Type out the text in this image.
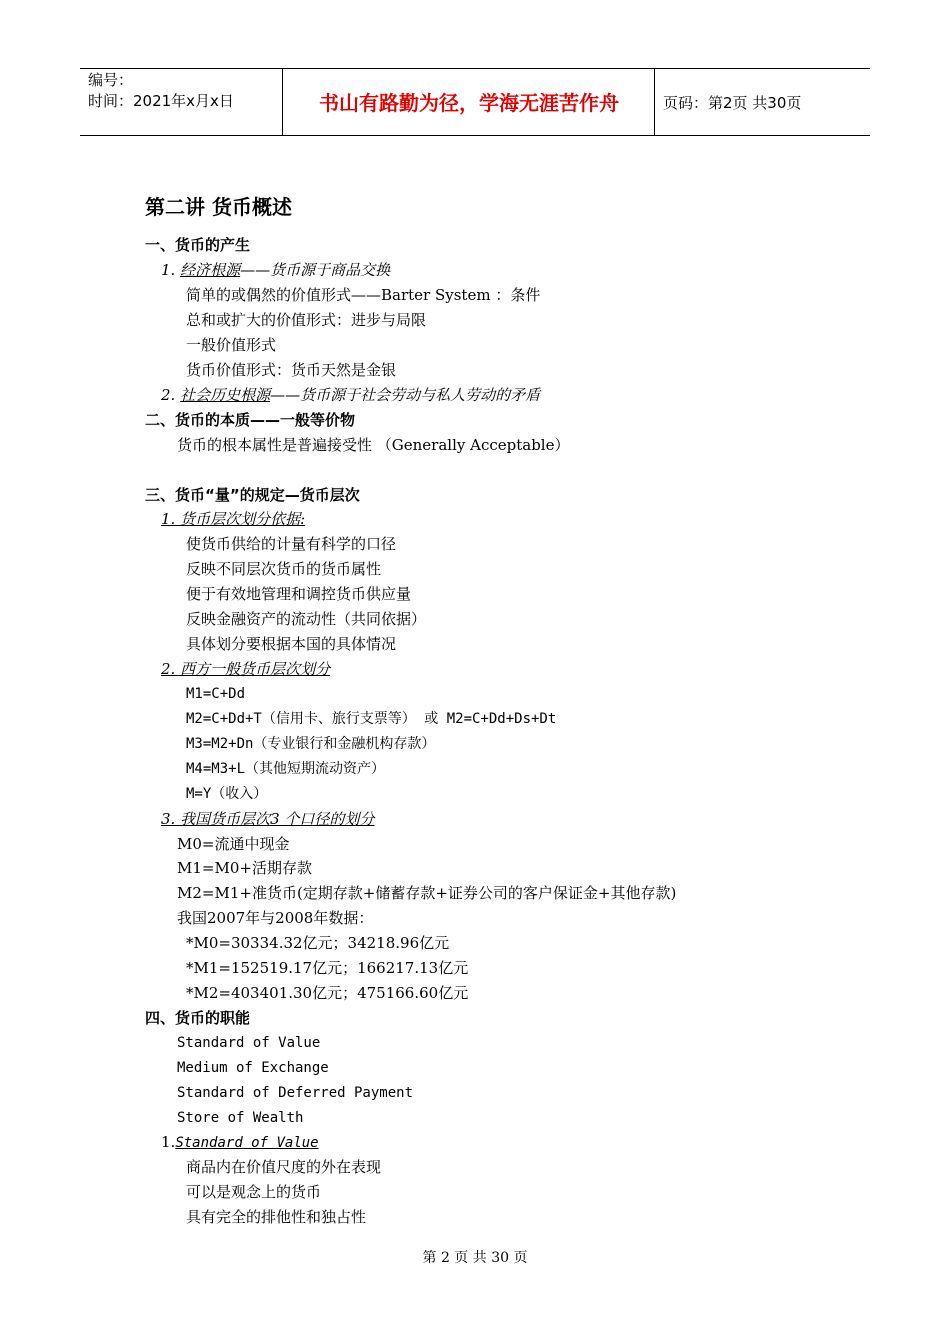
编号：
时间：2021年x月x日	书山有路勤为径，学海无涯苦作舟	页码：第2页 共30页
第二讲 货币概述
一、货币的产生
1. 经济根源——货币源于商品交换
简单的或偶然的价值形式——Barter System ：条件
总和或扩大的价值形式：进步与局限
一般价值形式
货币价值形式：货币天然是金银
2. 社会历史根源——货币源于社会劳动与私人劳动的矛盾
二、货币的本质——一般等价物
货币的根本属性是普遍接受性 （Generally Acceptable）
三、货币“量”的规定—货币层次
1. 货币层次划分依据:
使货币供给的计量有科学的口径
反映不同层次货币的货币属性
便于有效地管理和调控货币供应量
反映金融资产的流动性（共同依据）
具体划分要根据本国的具体情况
2. 西方一般货币层次划分
M1=C+Dd
M2=C+Dd+T（信用卡、旅行支票等） 或 M2=C+Dd+Ds+Dt
M3=M2+Dn（专业银行和金融机构存款）
M4=M3+L（其他短期流动资产）
M=Y（收入）
3. 我国货币层次3 个口径的划分
M0=流通中现金
M1=M0+活期存款
M2=M1+准货币(定期存款+储蓄存款+证券公司的客户保证金+其他存款)
我国2007年与2008年数据：
*M0=30334.32亿元；34218.96亿元
*M1=152519.17亿元；166217.13亿元
*M2=403401.30亿元；475166.60亿元
四、货币的职能
Standard of Value
Medium of Exchange
Standard of Deferred Payment
Store of Wealth
1.Standard of Value
商品内在价值尺度的外在表现
可以是观念上的货币
具有完全的排他性和独占性
第 2 页 共 30 页
